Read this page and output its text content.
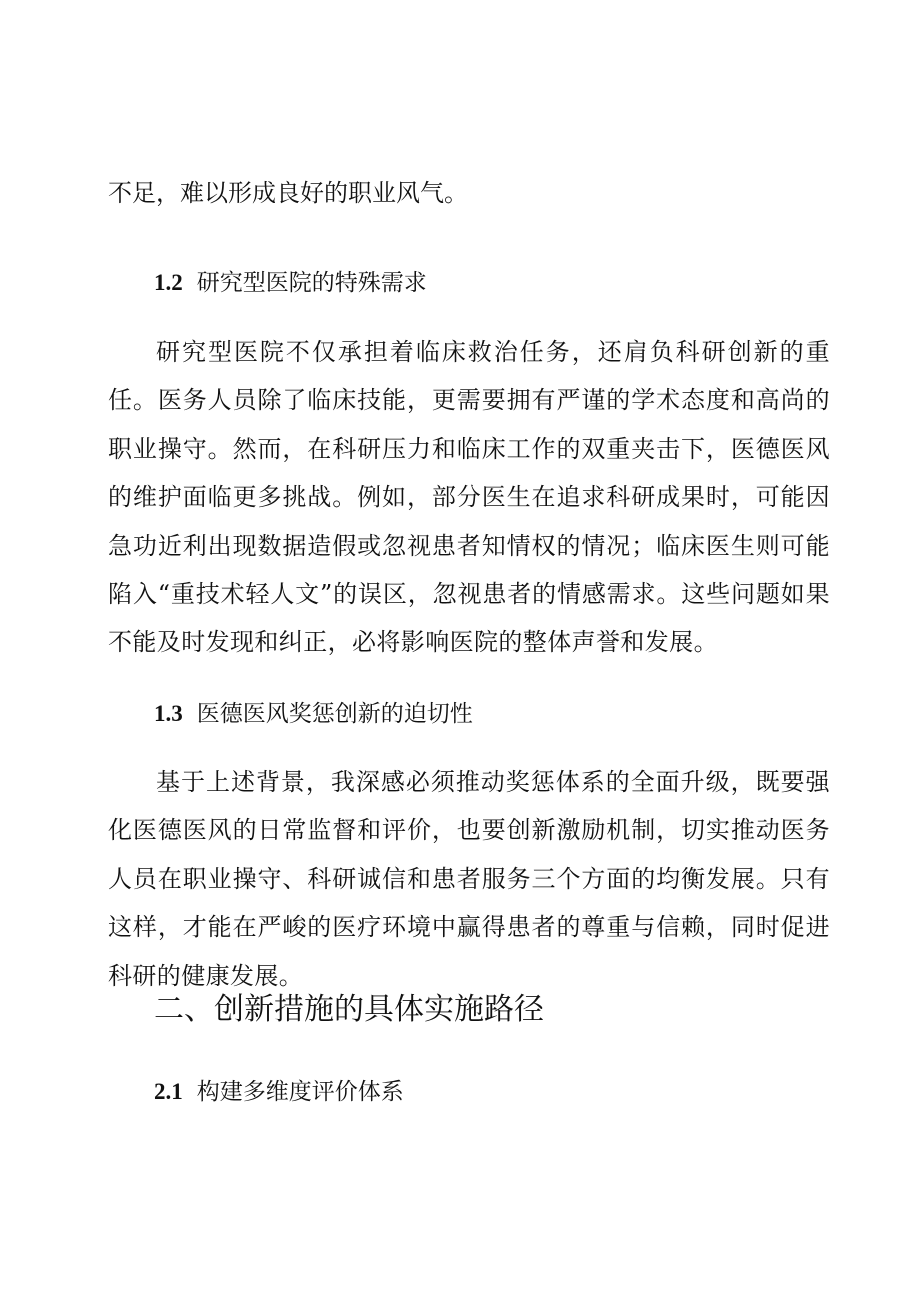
不足，难以形成良好的职业风气。
1.2 研究型医院的特殊需求
研究型医院不仅承担着临床救治任务，还肩负科研创新的重任。医务人员除了临床技能，更需要拥有严谨的学术态度和高尚的职业操守。然而，在科研压力和临床工作的双重夹击下，医德医风的维护面临更多挑战。例如，部分医生在追求科研成果时，可能因急功近利出现数据造假或忽视患者知情权的情况；临床医生则可能陷入“重技术轻人文”的误区，忽视患者的情感需求。这些问题如果不能及时发现和纠正，必将影响医院的整体声誉和发展。
1.3 医德医风奖惩创新的迫切性
基于上述背景，我深感必须推动奖惩体系的全面升级，既要强化医德医风的日常监督和评价，也要创新激励机制，切实推动医务人员在职业操守、科研诚信和患者服务三个方面的均衡发展。只有这样，才能在严峻的医疗环境中赢得患者的尊重与信赖，同时促进科研的健康发展。
二、创新措施的具体实施路径
2.1 构建多维度评价体系
